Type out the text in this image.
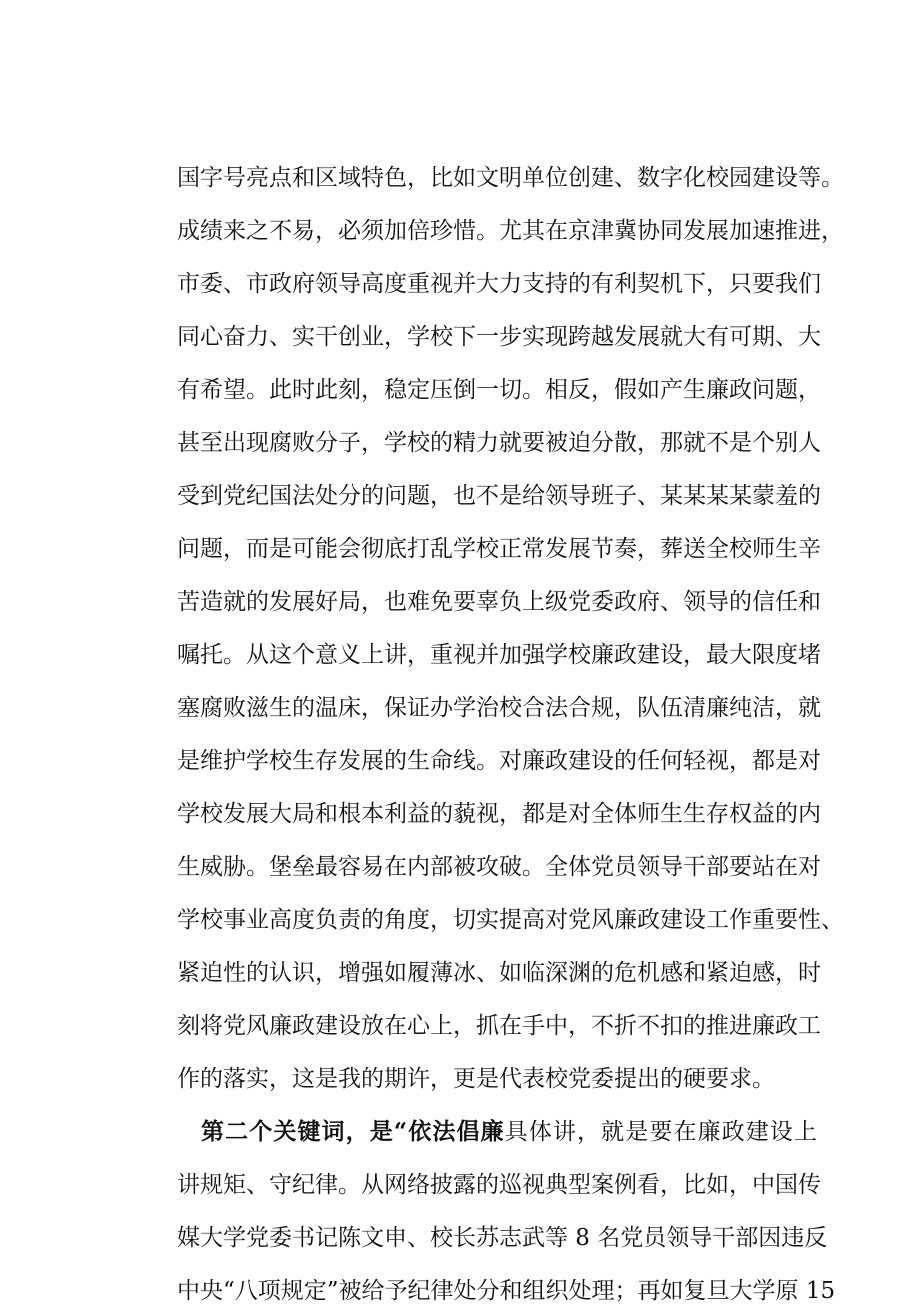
国字号亮点和区域特色，比如文明单位创建、数字化校园建设等。
成绩来之不易，必须加倍珍惜。尤其在京津冀协同发展加速推进，
市委、市政府领导高度重视并大力支持的有利契机下，只要我们
同心奋力、实干创业，学校下一步实现跨越发展就大有可期、大
有希望。此时此刻，稳定压倒一切。相反，假如产生廉政问题，
甚至出现腐败分子，学校的精力就要被迫分散，那就不是个别人
受到党纪国法处分的问题，也不是给领导班子、某某某某蒙羞的
问题，而是可能会彻底打乱学校正常发展节奏，葬送全校师生辛
苦造就的发展好局，也难免要辜负上级党委政府、领导的信任和
嘱托。从这个意义上讲，重视并加强学校廉政建设，最大限度堵
塞腐败滋生的温床，保证办学治校合法合规，队伍清廉纯洁，就
是维护学校生存发展的生命线。对廉政建设的任何轻视，都是对
学校发展大局和根本利益的藐视，都是对全体师生生存权益的内
生威胁。堡垒最容易在内部被攻破。全体党员领导干部要站在对
学校事业高度负责的角度，切实提高对党风廉政建设工作重要性、
紧迫性的认识，增强如履薄冰、如临深渊的危机感和紧迫感，时
刻将党风廉政建设放在心上，抓在手中，不折不扣的推进廉政工
作的落实，这是我的期许，更是代表校党委提出的硬要求。
第二个关键词，是“依法倡廉具体讲，就是要在廉政建设上
讲规矩、守纪律。从网络披露的巡视典型案例看，比如，中国传
媒大学党委书记陈文申、校长苏志武等 8 名党员领导干部因违反
中央“八项规定”被给予纪律处分和组织处理；再如复旦大学原 15
